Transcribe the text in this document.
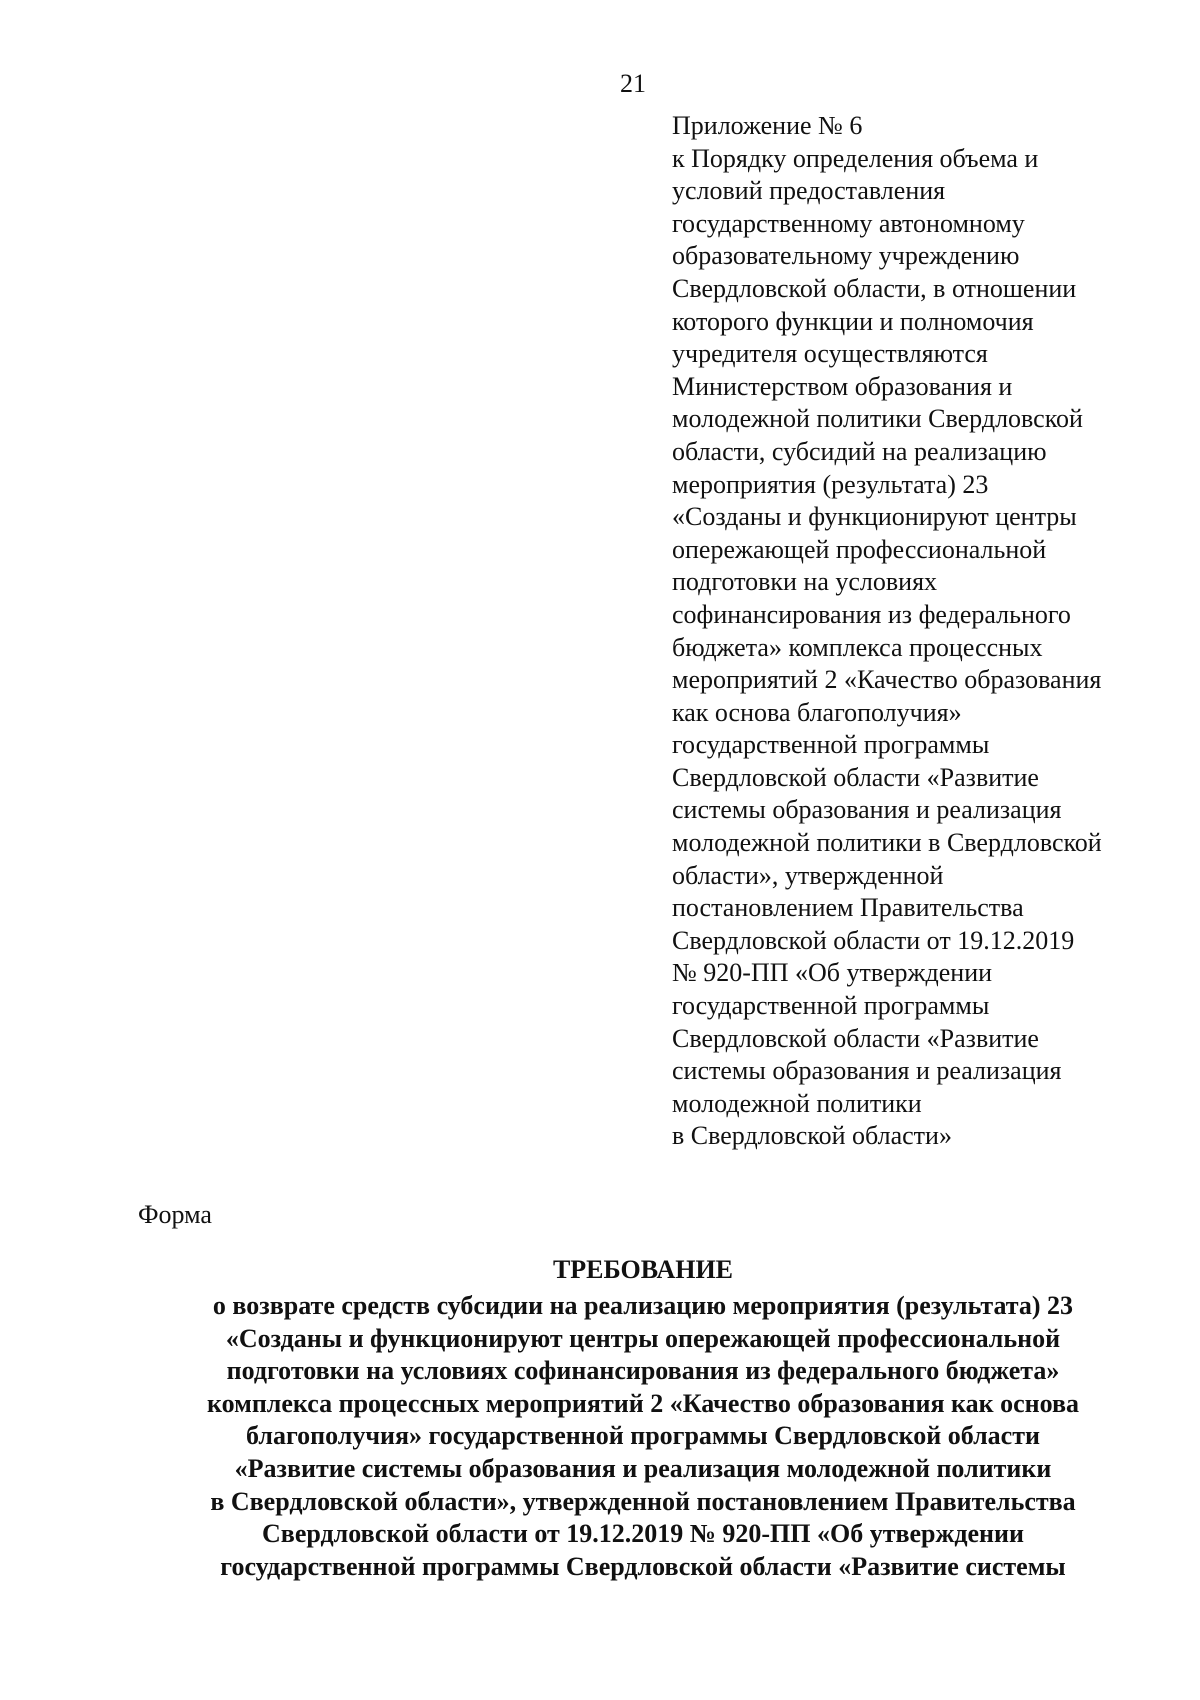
21
Приложение № 6
к Порядку определения объема и
условий предоставления
государственному автономному
образовательному учреждению
Свердловской области, в отношении
которого функции и полномочия
учредителя осуществляются
Министерством образования и
молодежной политики Свердловской
области, субсидий на реализацию
мероприятия (результата) 23
«Созданы и функционируют центры
опережающей профессиональной
подготовки на условиях
софинансирования из федерального
бюджета» комплекса процессных
мероприятий 2 «Качество образования
как основа благополучия»
государственной программы
Свердловской области «Развитие
системы образования и реализация
молодежной политики в Свердловской
области», утвержденной
постановлением Правительства
Свердловской области от 19.12.2019
№ 920-ПП «Об утверждении
государственной программы
Свердловской области «Развитие
системы образования и реализация
молодежной политики
в Свердловской области»
Форма
ТРЕБОВАНИЕ
о возврате средств субсидии на реализацию мероприятия (результата) 23
«Созданы и функционируют центры опережающей профессиональной
подготовки на условиях софинансирования из федерального бюджета»
комплекса процессных мероприятий 2 «Качество образования как основа
благополучия» государственной программы Свердловской области
«Развитие системы образования и реализация молодежной политики
в Свердловской области», утвержденной постановлением Правительства
Свердловской области от 19.12.2019 № 920-ПП «Об утверждении
государственной программы Свердловской области «Развитие системы
